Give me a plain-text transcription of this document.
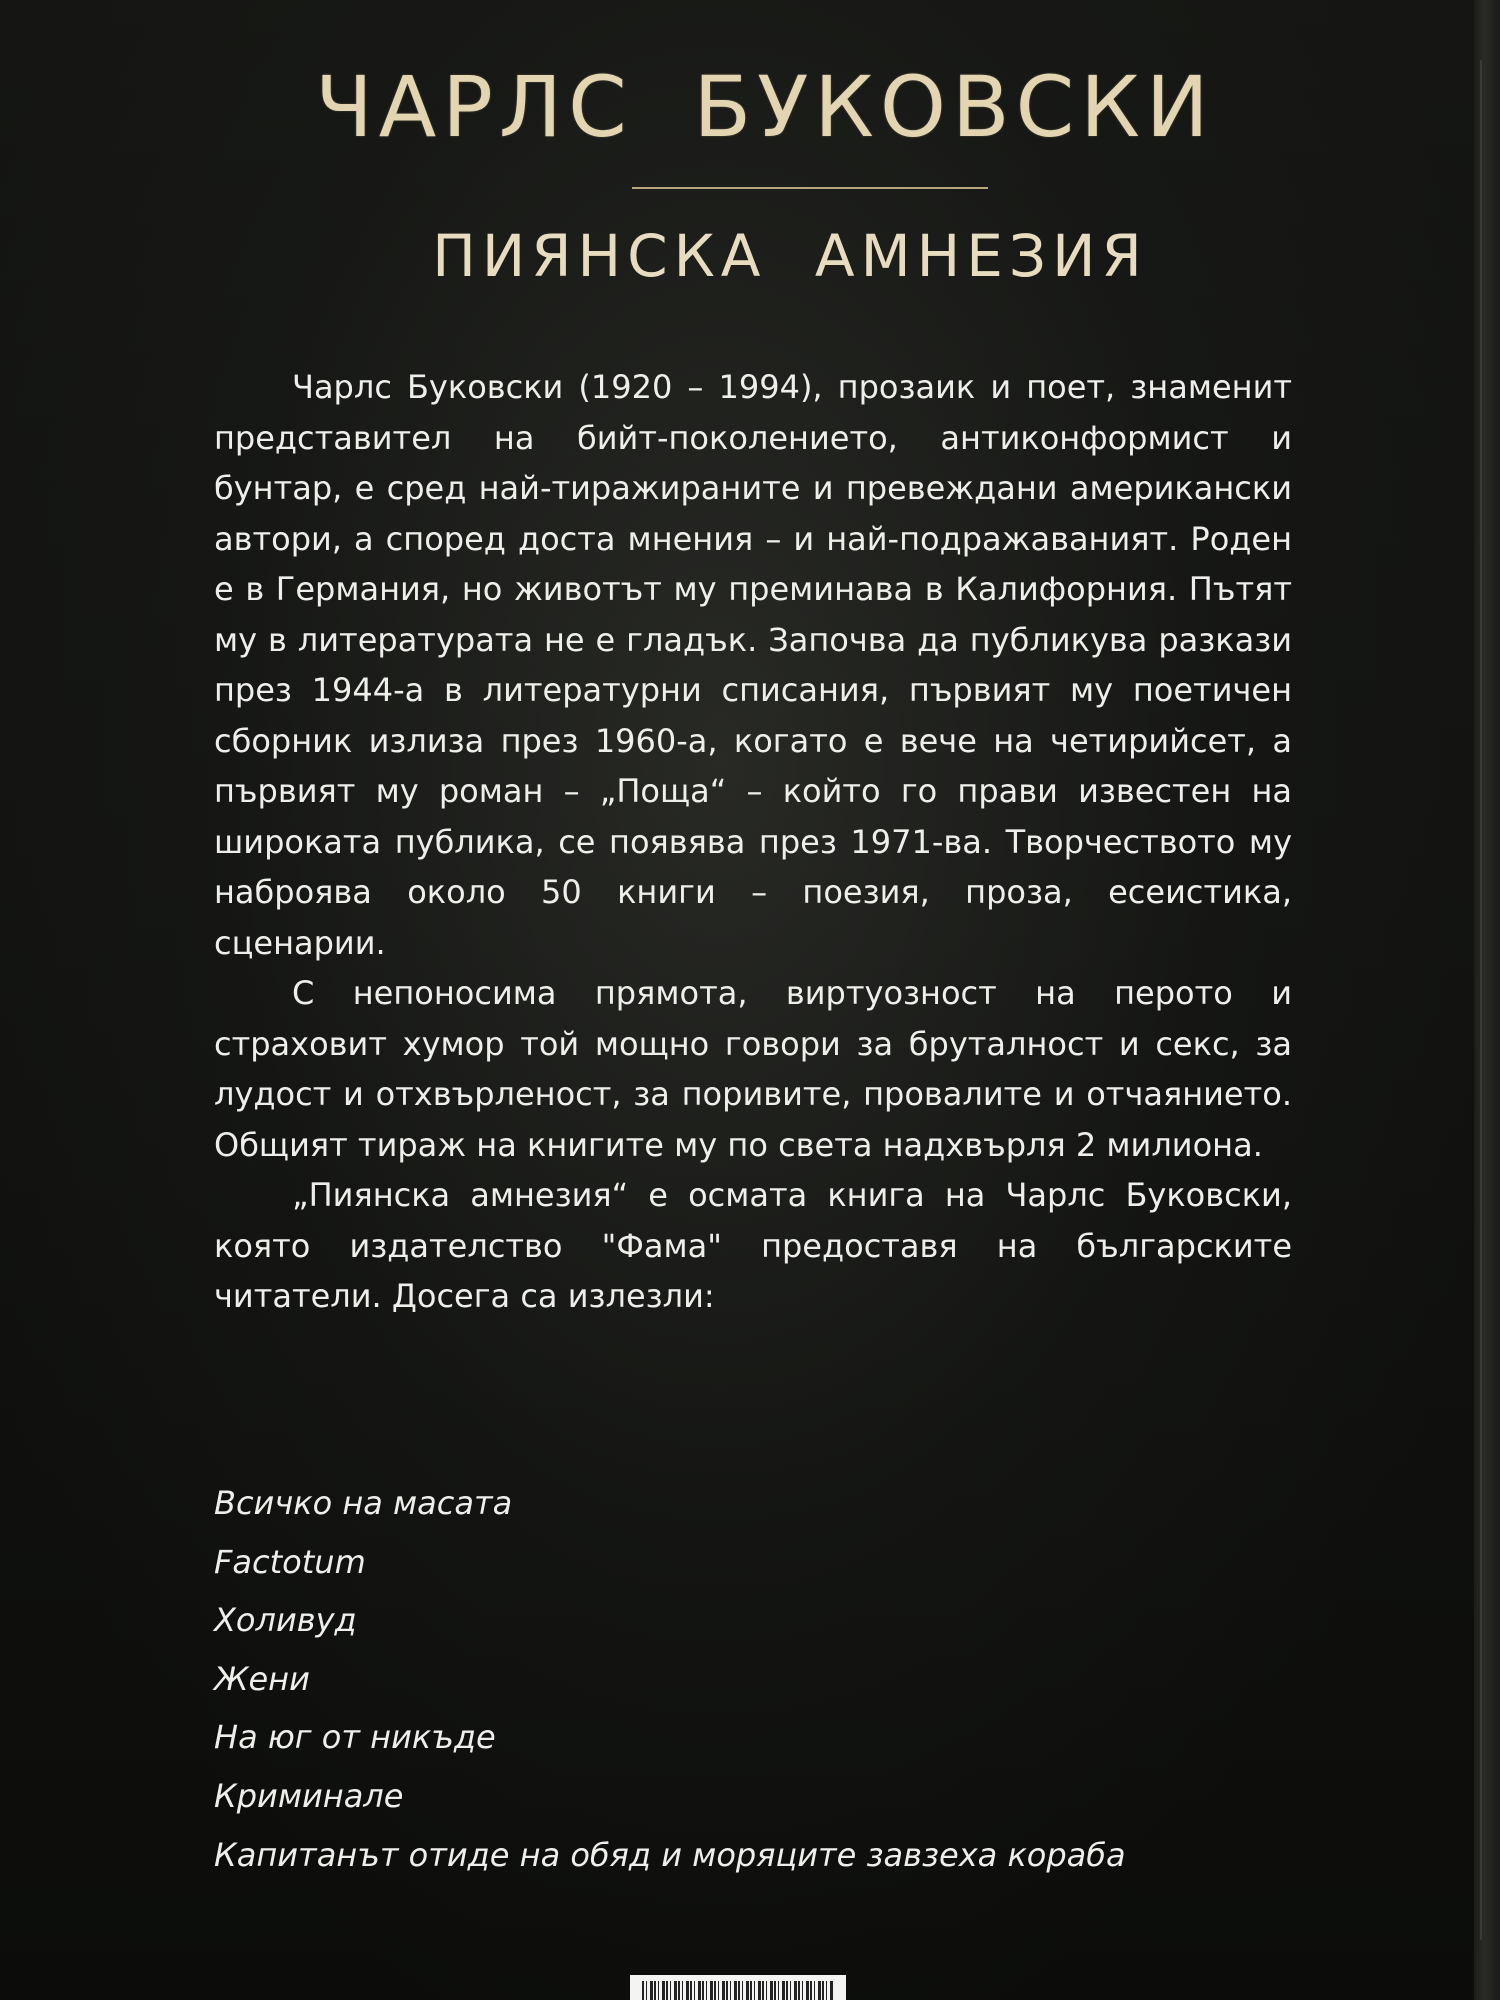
ЧАРЛС БУКОВСКИ
ПИЯНСКА АМНЕЗИЯ

Чарлс Буковски (1920 – 1994), прозаик и поет, знаменит представител на бийт-поколението, антиконформист и бунтар, е сред най-тиражираните и превеждани американски автори, а според доста мнения – и най-подражаваният. Роден е в Германия, но животът му преминава в Калифорния. Пътят му в литературата не е гладък. Започва да публикува разкази през 1944-а в литературни списания, първият му поетичен сборник излиза през 1960-а, когато е вече на четирийсет, а първият му роман – „Поща“ – който го прави известен на широката публика, се появява през 1971-ва. Творчеството му наброява около 50 книги – поезия, проза, есеистика, сценарии.

С непоносима прямота, виртуозност на перото и страховит хумор той мощно говори за бруталност и секс, за лудост и отхвърленост, за поривите, провалите и отчаянието. Общият тираж на книгите му по света надхвърля 2 милиона.

„Пиянска амнезия“ е осмата книга на Чарлс Буковски, която издателство "Фама" предоставя на българските читатели. Досега са излезли:

Всичко на масата
Factotum
Холивуд
Жени
На юг от никъде
Криминале
Капитанът отиде на обяд и моряците завзеха кораба
